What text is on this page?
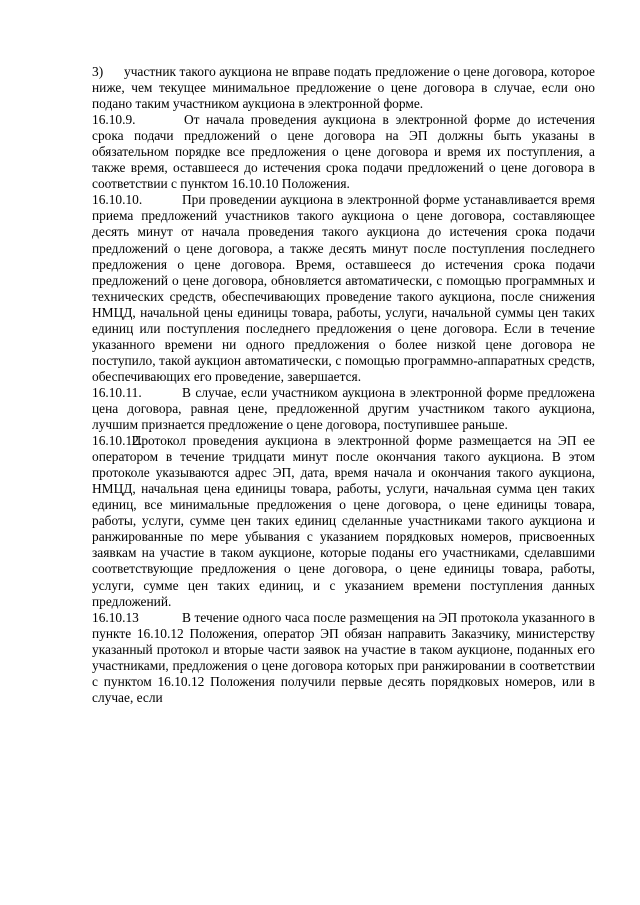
3) участник такого аукциона не вправе подать предложение о цене договора, которое ниже, чем текущее минимальное предложение о цене договора в случае, если оно подано таким участником аукциона в электронной форме.

16.10.9.	От начала проведения аукциона в электронной форме до истечения срока подачи предложений о цене договора на ЭП должны быть указаны в обязательном порядке все предложения о цене договора и время их поступления, а также время, оставшееся до истечения срока подачи предложений о цене договора в соответствии с пунктом 16.10.10 Положения.

16.10.10.	При проведении аукциона в электронной форме устанавливается время приема предложений участников такого аукциона о цене договора, составляющее десять минут от начала проведения такого аукциона до истечения срока подачи предложений о цене договора, а также десять минут после поступления последнего предложения о цене договора. Время, оставшееся до истечения срока подачи предложений о цене договора, обновляется автоматически, с помощью программных и технических средств, обеспечивающих проведение такого аукциона, после снижения НМЦД, начальной цены единицы товара, работы, услуги, начальной суммы цен таких единиц или поступления последнего предложения о цене договора. Если в течение указанного времени ни одного предложения о более низкой цене договора не поступило, такой аукцион автоматически, с помощью программно-аппаратных средств, обеспечивающих его проведение, завершается.

16.10.11.	В случае, если участником аукциона в электронной форме предложена цена договора, равная цене, предложенной другим участником такого аукциона, лучшим признается предложение о цене договора, поступившее раньше.

16.10.12. Протокол проведения аукциона в электронной форме размещается на ЭП ее оператором в течение тридцати минут после окончания такого аукциона. В этом протоколе указываются адрес ЭП, дата, время начала и окончания такого аукциона, НМЦД, начальная цена единицы товара, работы, услуги, начальная сумма цен таких единиц, все минимальные предложения о цене договора, о цене единицы товара, работы, услуги, сумме цен таких единиц сделанные участниками такого аукциона и ранжированные по мере убывания с указанием порядковых номеров, присвоенных заявкам на участие в таком аукционе, которые поданы его участниками, сделавшими соответствующие предложения о цене договора, о цене единицы товара, работы, услуги, сумме цен таких единиц, и с указанием времени поступления данных предложений.

16.10.13	В течение одного часа после размещения на ЭП протокола указанного в пункте 16.10.12 Положения, оператор ЭП обязан направить Заказчику, министерству указанный протокол и вторые части заявок на участие в таком аукционе, поданных его участниками, предложения о цене договора которых при ранжировании в соответствии с пунктом 16.10.12 Положения получили первые десять порядковых номеров, или в случае, если
